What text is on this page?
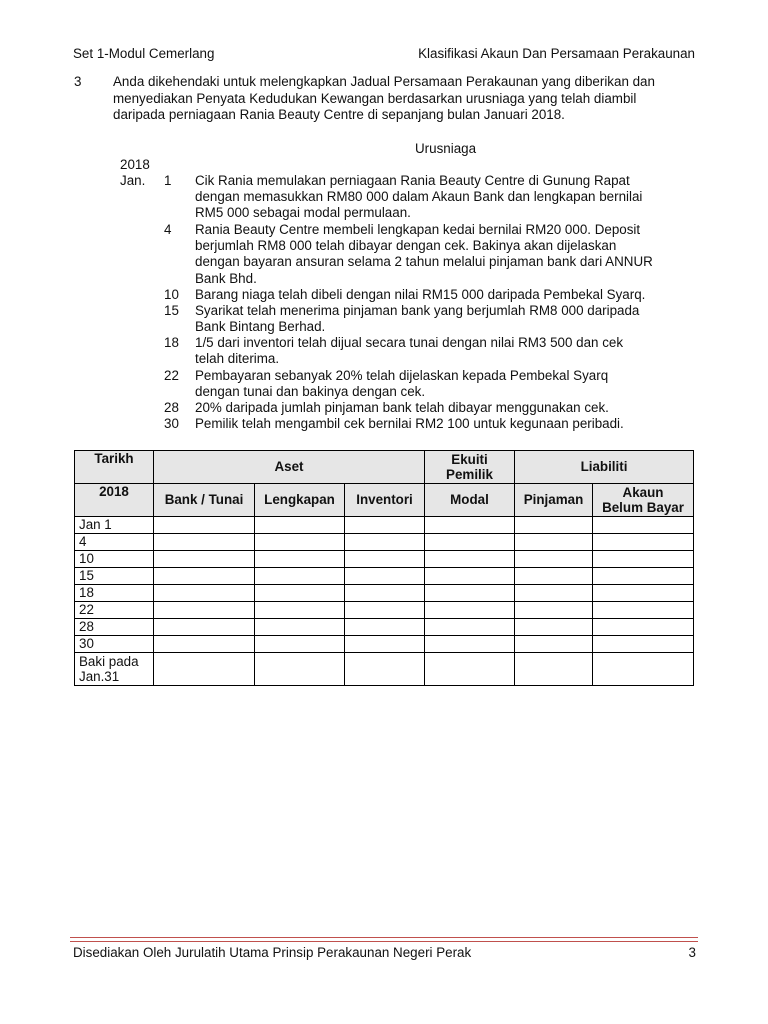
Set 1-Modul Cemerlang	Klasifikasi Akaun Dan Persamaan Perakaunan
3 Anda dikehendaki untuk melengkapkan Jadual Persamaan Perakaunan yang diberikan dan
menyediakan Penyata Kedudukan Kewangan berdasarkan urusniaga yang telah diambil
daripada perniagaan Rania Beauty Centre di sepanjang bulan Januari 2018.
Urusniaga
2018
Jan. 1 Cik Rania memulakan perniagaan Rania Beauty Centre di Gunung Rapat
dengan memasukkan RM80 000 dalam Akaun Bank dan lengkapan bernilai
RM5 000 sebagai modal permulaan.
4 Rania Beauty Centre membeli lengkapan kedai bernilai RM20 000. Deposit
berjumlah RM8 000 telah dibayar dengan cek. Bakinya akan dijelaskan
dengan bayaran ansuran selama 2 tahun melalui pinjaman bank dari ANNUR
Bank Bhd.
10 Barang niaga telah dibeli dengan nilai RM15 000 daripada Pembekal Syarq.
15 Syarikat telah menerima pinjaman bank yang berjumlah RM8 000 daripada
Bank Bintang Berhad.
18 1/5 dari inventori telah dijual secara tunai dengan nilai RM3 500 dan cek
telah diterima.
22 Pembayaran sebanyak 20% telah dijelaskan kepada Pembekal Syarq
dengan tunai dan bakinya dengan cek.
28 20% daripada jumlah pinjaman bank telah dibayar menggunakan cek.
30 Pemilik telah mengambil cek bernilai RM2 100 untuk kegunaan peribadi.
Tarikh	Aset			Ekuiti
Pemilik	Liabiliti	
2018	Bank / Tunai	Lengkapan	Inventori	Modal	Pinjaman	Akaun
Belum Bayar
Jan 1						
4						
10						
15						
18						
22						
28						
30						
Baki pada
Jan.31						
Disediakan Oleh Jurulatih Utama Prinsip Perakaunan Negeri Perak	3
